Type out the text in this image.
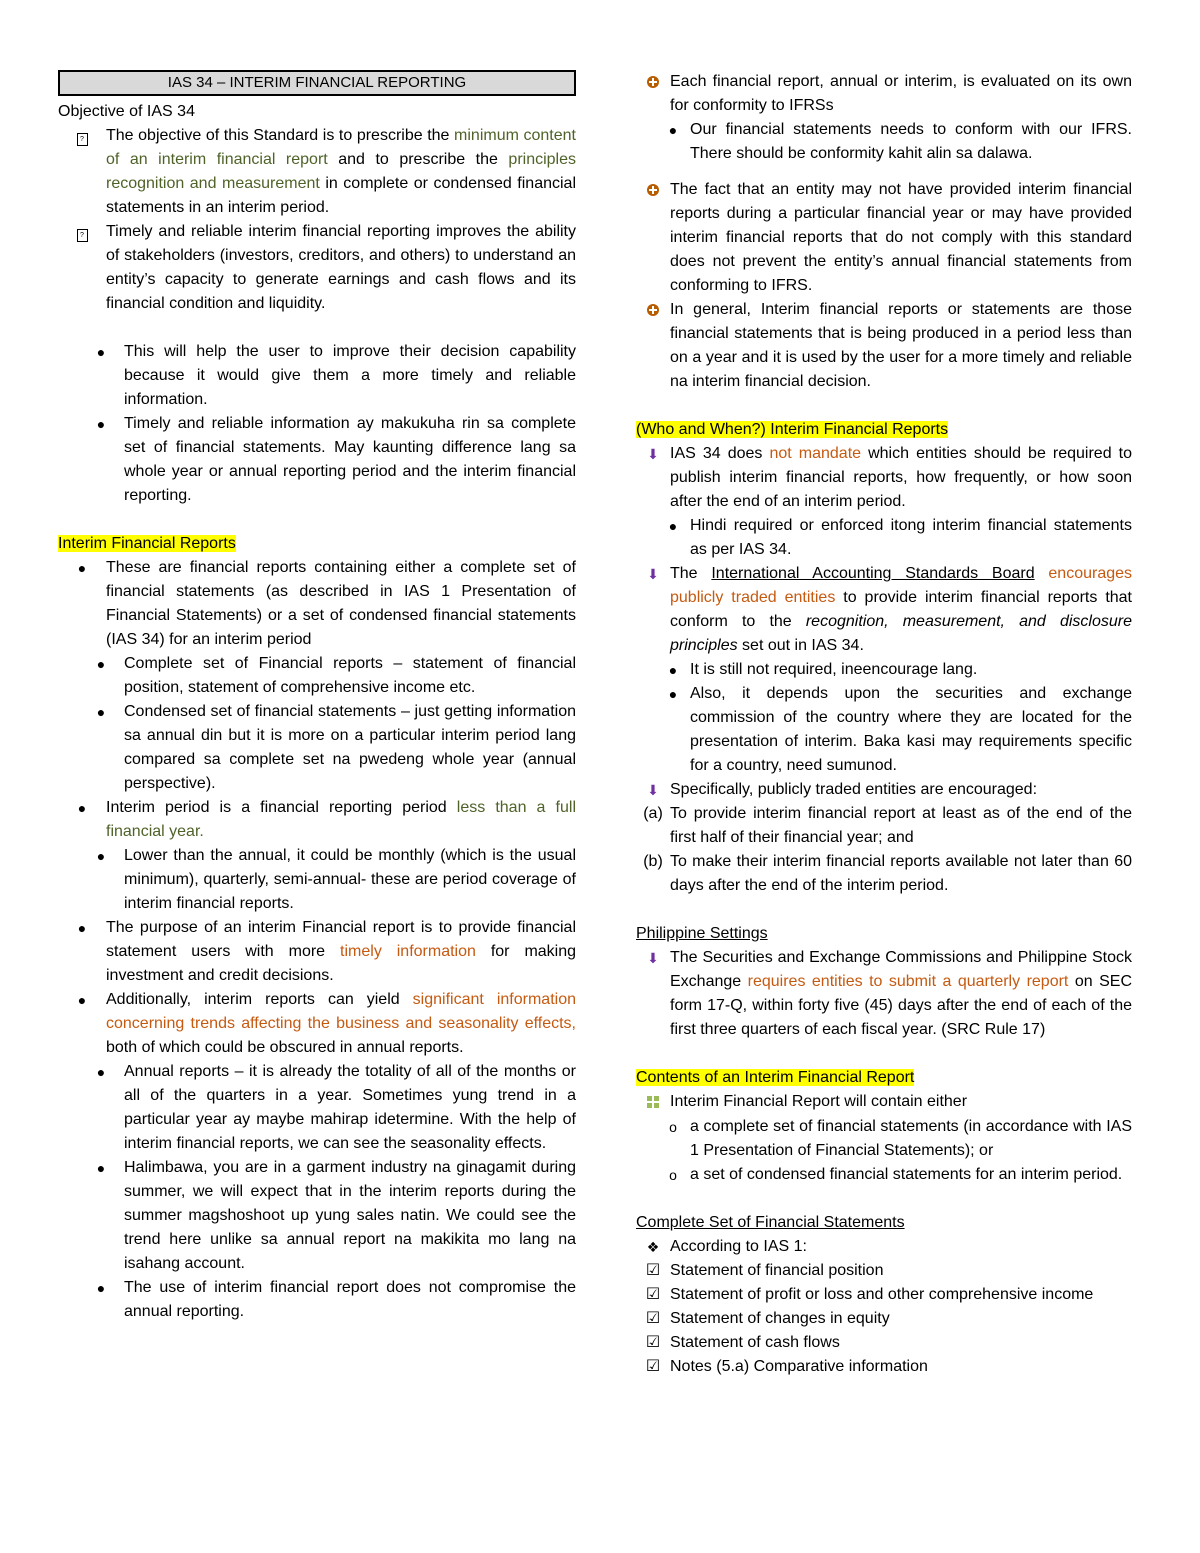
IAS 34 – INTERIM FINANCIAL REPORTING
Objective of IAS 34
?	The objective of this Standard is to prescribe the minimum content of an interim financial report and to prescribe the principles recognition and measurement in complete or condensed financial statements in an interim period.
?	Timely and reliable interim financial reporting improves the ability of stakeholders (investors, creditors, and others) to understand an entity’s capacity to generate earnings and cash flows and its financial condition and liquidity.
●	This will help the user to improve their decision capability because it would give them a more timely and reliable information.
●	Timely and reliable information ay makukuha rin sa complete set of financial statements. May kaunting difference lang sa whole year or annual reporting period and the interim financial reporting.
Interim Financial Reports
●	These are financial reports containing either a complete set of financial statements (as described in IAS 1 Presentation of Financial Statements) or a set of condensed financial statements (IAS 34) for an interim period
●	Complete set of Financial reports – statement of financial position, statement of comprehensive income etc.
●	Condensed set of financial statements – just getting information sa annual din but it is more on a particular interim period lang compared sa complete set na pwedeng whole year (annual perspective).
●	Interim period is a financial reporting period less than a full financial year.
●	Lower than the annual, it could be monthly (which is the usual minimum), quarterly, semi-annual- these are period coverage of interim financial reports.
●	The purpose of an interim Financial report is to provide financial statement users with more timely information for making investment and credit decisions.
●	Additionally, interim reports can yield significant information concerning trends affecting the business and seasonality effects, both of which could be obscured in annual reports.
●	Annual reports – it is already the totality of all of the months or all of the quarters in a year. Sometimes yung trend in a particular year ay maybe mahirap idetermine. With the help of interim financial reports, we can see the seasonality effects.
●	Halimbawa, you are in a garment industry na ginagamit during summer, we will expect that in the interim reports during the summer magshoshoot up yung sales natin. We could see the trend here unlike sa annual report na makikita mo lang na isahang account.
●	The use of interim financial report does not compromise the annual reporting.
Each financial report, annual or interim, is evaluated on its own for conformity to IFRSs
● Our financial statements needs to conform with our IFRS. There should be conformity kahit alin sa dalawa.
The fact that an entity may not have provided interim financial reports during a particular financial year or may have provided interim financial reports that do not comply with this standard does not prevent the entity’s annual financial statements from conforming to IFRS.
In general, Interim financial reports or statements are those financial statements that is being produced in a period less than on a year and it is used by the user for a more timely and reliable na interim financial decision.
(Who and When?) Interim Financial Reports
⬇ IAS 34 does not mandate which entities should be required to publish interim financial reports, how frequently, or how soon after the end of an interim period.
● Hindi required or enforced itong interim financial statements as per IAS 34.
⬇ The International Accounting Standards Board encourages publicly traded entities to provide interim financial reports that conform to the recognition, measurement, and disclosure principles set out in IAS 34.
● It is still not required, ineencourage lang.
● Also, it depends upon the securities and exchange commission of the country where they are located for the presentation of interim. Baka kasi may requirements specific for a country, need sumunod.
⬇ Specifically, publicly traded entities are encouraged:
(a) To provide interim financial report at least as of the end of the first half of their financial year; and
(b) To make their interim financial reports available not later than 60 days after the end of the interim period.
Philippine Settings
⬇ The Securities and Exchange Commissions and Philippine Stock Exchange requires entities to submit a quarterly report on SEC form 17-Q, within forty five (45) days after the end of each of the first three quarters of each fiscal year. (SRC Rule 17)
Contents of an Interim Financial Report
Interim Financial Report will contain either
o a complete set of financial statements (in accordance with IAS 1 Presentation of Financial Statements); or
o a set of condensed financial statements for an interim period.
Complete Set of Financial Statements
❖ According to IAS 1:
☑ Statement of financial position
☑ Statement of profit or loss and other comprehensive income
☑ Statement of changes in equity
☑ Statement of cash flows
☑ Notes (5.a) Comparative information
